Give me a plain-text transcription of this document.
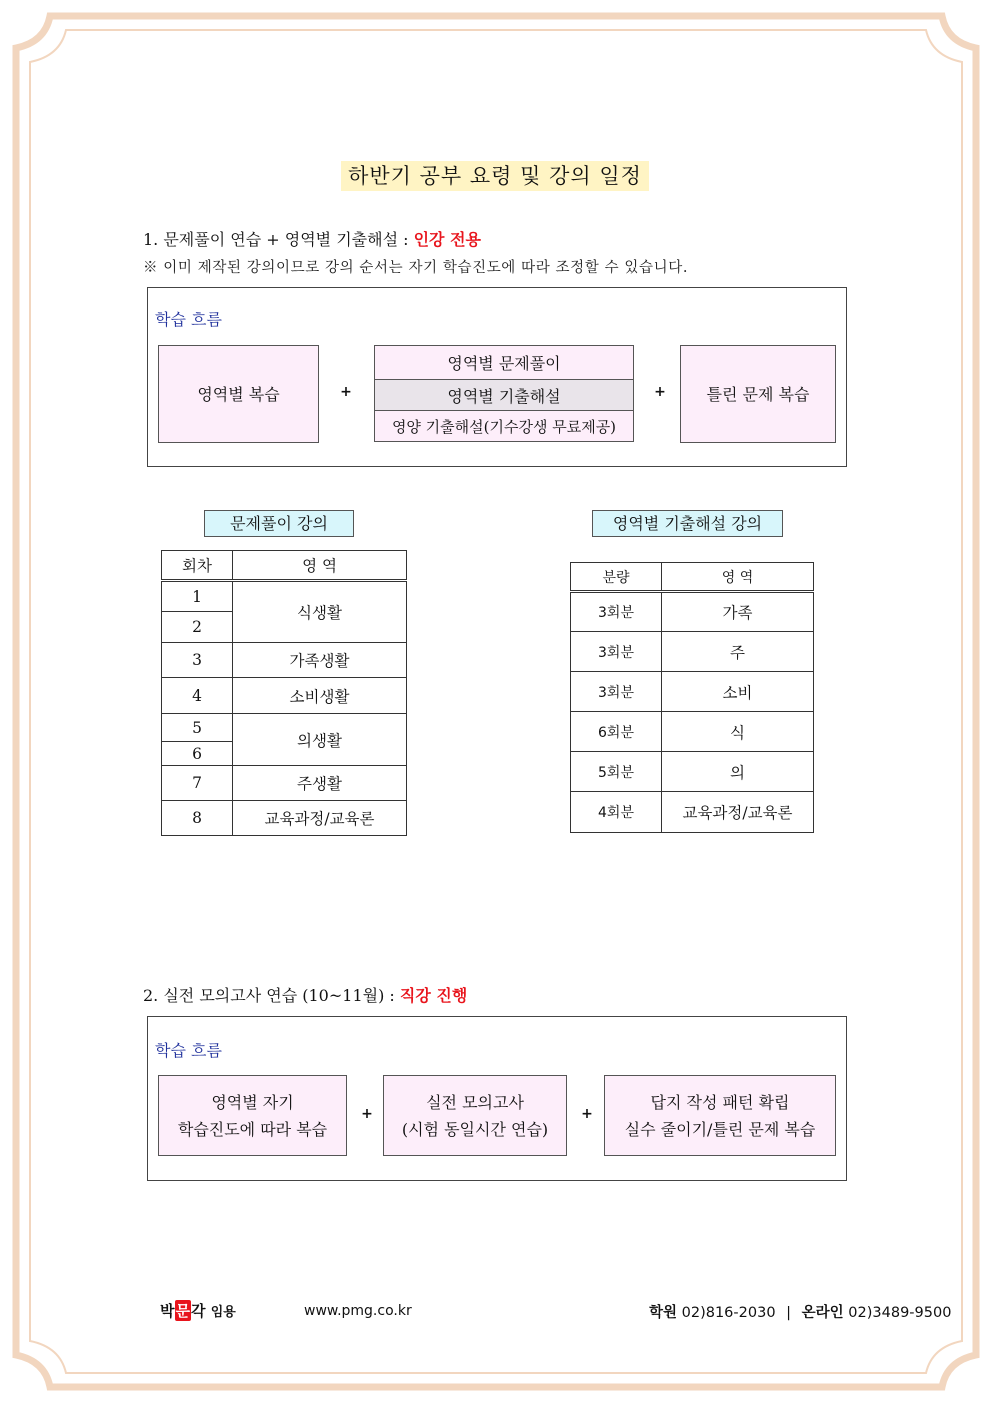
하반기 공부 요령 및 강의 일정
1. 문제풀이 연습 + 영역별 기출해설 : 인강 전용
※ 이미 제작된 강의이므로 강의 순서는 자기 학습진도에 따라 조정할 수 있습니다.
학습 흐름
영역별 복습	+
영역별 문제풀이
영역별 기출해설
영양 기출해설(기수강생 무료제공)
+	틀린 문제 복습
문제풀이 강의
회차	영 역
1	식생활
2	
3	가족생활
4	소비생활
5	의생활
6	
7	주생활
8	교육과정/교육론
영역별 기출해설 강의
분량	영 역
3회분	가족
3회분	주
3회분	소비
6회분	식
5회분	의
4회분	교육과정/교육론
2. 실전 모의고사 연습 (10~11월) : 직강 진행
학습 흐름
영역별 자기
학습진도에 따라 복습
+
실전 모의고사
(시험 동일시간 연습)
+
답지 작성 패턴 확립
실수 줄이기/틀린 문제 복습
박문각 임용	www.pmg.co.kr	학원 02)816-2030 | 온라인 02)3489-9500
